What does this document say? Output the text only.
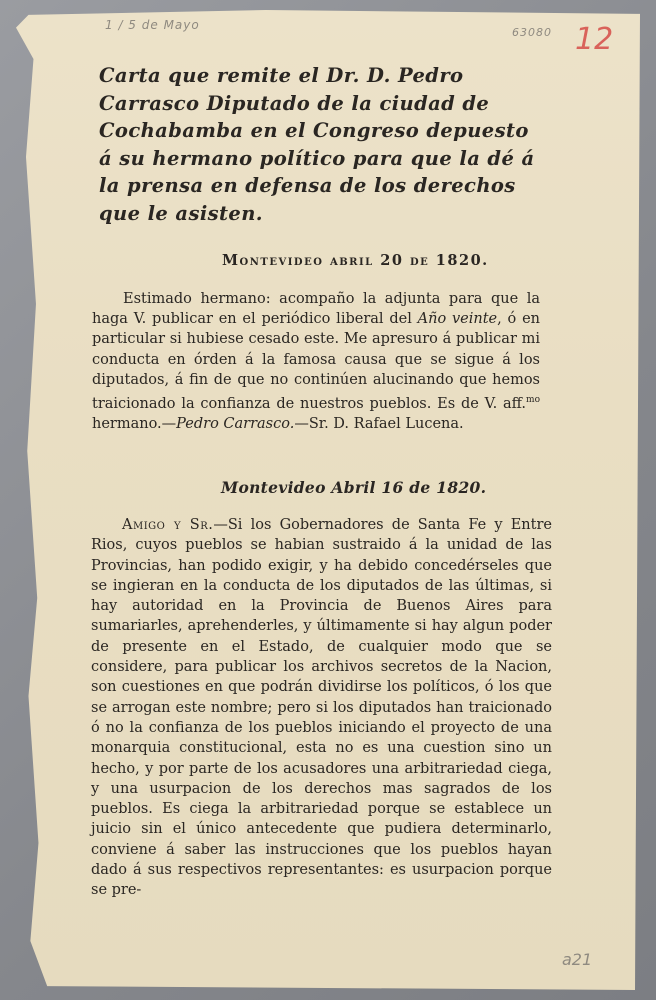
1 / 5 de Mayo
63080 12
a21
Carta que remite el Dr. D. Pedro Carrasco Diputado de la ciudad de Cochabamba en el Congreso depuesto á su hermano político para que la dé á la prensa en defensa de los derechos que le asisten.
Montevideo abril 20 de 1820.
Estimado hermano: acompaño la adjunta para que la haga V. publicar en el periódico liberal del Año veinte, ó en particular si hubiese cesado este. Me apresuro á publicar mi conducta en órden á la famosa causa que se sigue á los diputados, á fin de que no continúen alucinando que hemos traicionado la confianza de nuestros pueblos. Es de V. aff.$^{mo}$ hermano.—Pedro Carrasco.—Sr. D. Rafael Lucena.
Montevideo Abril 16 de 1820.
Amigo y Sr.—Si los Gobernadores de Santa Fe y Entre Rios, cuyos pueblos se habian sustraido á la unidad de las Provincias, han podido exigir, y ha debido concedérseles que se ingieran en la conducta de los diputados de las últimas, si hay autoridad en la Provincia de Buenos Aires para sumariarles, aprehenderles, y últimamente si hay algun poder de presente en el Estado, de cualquier modo que se considere, para publicar los archivos secretos de la Nacion, son cuestiones en que podrán dividirse los políticos, ó los que se arrogan este nombre; pero si los diputados han traicionado ó no la confianza de los pueblos iniciando el proyecto de una monarquia constitucional, esta no es una cuestion sino un hecho, y por parte de los acusadores una arbitrariedad ciega, y una usurpacion de los derechos mas sagrados de los pueblos. Es ciega la arbitrariedad porque se establece un juicio sin el único antecedente que pudiera determinarlo, conviene á saber las instrucciones que los pueblos hayan dado á sus respectivos representantes: es usurpacion porque se pre-
